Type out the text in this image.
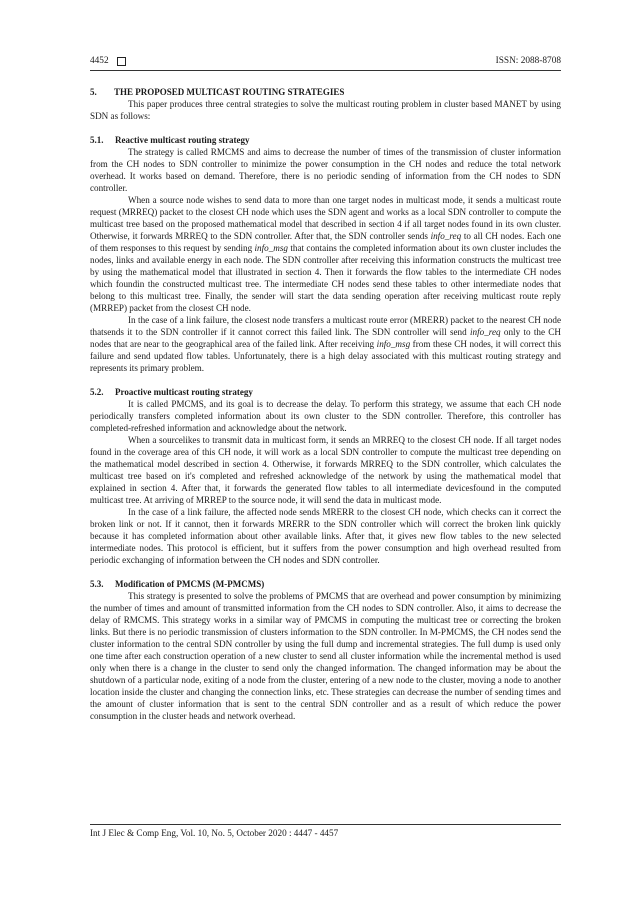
4452	ISSN: 2088-8708
5. THE PROPOSED MULTICAST ROUTING STRATEGIES

This paper produces three central strategies to solve the multicast routing problem in cluster based MANET by using SDN as follows:

5.1. Reactive multicast routing strategy

The strategy is called RMCMS and aims to decrease the number of times of the transmission of cluster information from the CH nodes to SDN controller to minimize the power consumption in the CH nodes and reduce the total network overhead. It works based on demand. Therefore, there is no periodic sending of information from the CH nodes to SDN controller.

When a source node wishes to send data to more than one target nodes in multicast mode, it sends a multicast route request (MRREQ) packet to the closest CH node which uses the SDN agent and works as a local SDN controller to compute the multicast tree based on the proposed mathematical model that described in section 4 if all target nodes found in its own cluster. Otherwise, it forwards MRREQ to the SDN controller. After that, the SDN controller sends info_req to all CH nodes. Each one of them responses to this request by sending info_msg that contains the completed information about its own cluster includes the nodes, links and available energy in each node. The SDN controller after receiving this information constructs the multicast tree by using the mathematical model that illustrated in section 4. Then it forwards the flow tables to the intermediate CH nodes which foundin the constructed multicast tree. The intermediate CH nodes send these tables to other intermediate nodes that belong to this multicast tree. Finally, the sender will start the data sending operation after receiving multicast route reply (MRREP) packet from the closest CH node.

In the case of a link failure, the closest node transfers a multicast route error (MRERR) packet to the nearest CH node thatsends it to the SDN controller if it cannot correct this failed link. The SDN controller will send info_req only to the CH nodes that are near to the geographical area of the failed link. After receiving info_msg from these CH nodes, it will correct this failure and send updated flow tables. Unfortunately, there is a high delay associated with this multicast routing strategy and represents its primary problem.

5.2. Proactive multicast routing strategy

It is called PMCMS, and its goal is to decrease the delay. To perform this strategy, we assume that each CH node periodically transfers completed information about its own cluster to the SDN controller. Therefore, this controller has completed-refreshed information and acknowledge about the network.

When a sourcelikes to transmit data in multicast form, it sends an MRREQ to the closest CH node. If all target nodes found in the coverage area of this CH node, it will work as a local SDN controller to compute the multicast tree depending on the mathematical model described in section 4. Otherwise, it forwards MRREQ to the SDN controller, which calculates the multicast tree based on it's completed and refreshed acknowledge of the network by using the mathematical model that explained in section 4. After that, it forwards the generated flow tables to all intermediate devicesfound in the computed multicast tree. At arriving of MRREP to the source node, it will send the data in multicast mode.

In the case of a link failure, the affected node sends MRERR to the closest CH node, which checks can it correct the broken link or not. If it cannot, then it forwards MRERR to the SDN controller which will correct the broken link quickly because it has completed information about other available links. After that, it gives new flow tables to the new selected intermediate nodes. This protocol is efficient, but it suffers from the power consumption and high overhead resulted from periodic exchanging of information between the CH nodes and SDN controller.

5.3. Modification of PMCMS (M-PMCMS)

This strategy is presented to solve the problems of PMCMS that are overhead and power consumption by minimizing the number of times and amount of transmitted information from the CH nodes to SDN controller. Also, it aims to decrease the delay of RMCMS. This strategy works in a similar way of PMCMS in computing the multicast tree or correcting the broken links. But there is no periodic transmission of clusters information to the SDN controller. In M-PMCMS, the CH nodes send the cluster information to the central SDN controller by using the full dump and incremental strategies. The full dump is used only one time after each construction operation of a new cluster to send all cluster information while the incremental method is used only when there is a change in the cluster to send only the changed information. The changed information may be about the shutdown of a particular node, exiting of a node from the cluster, entering of a new node to the cluster, moving a node to another location inside the cluster and changing the connection links, etc. These strategies can decrease the number of sending times and the amount of cluster information that is sent to the central SDN controller and as a result of which reduce the power consumption in the cluster heads and network overhead.

Int J Elec & Comp Eng, Vol. 10, No. 5, October 2020 : 4447 - 4457
